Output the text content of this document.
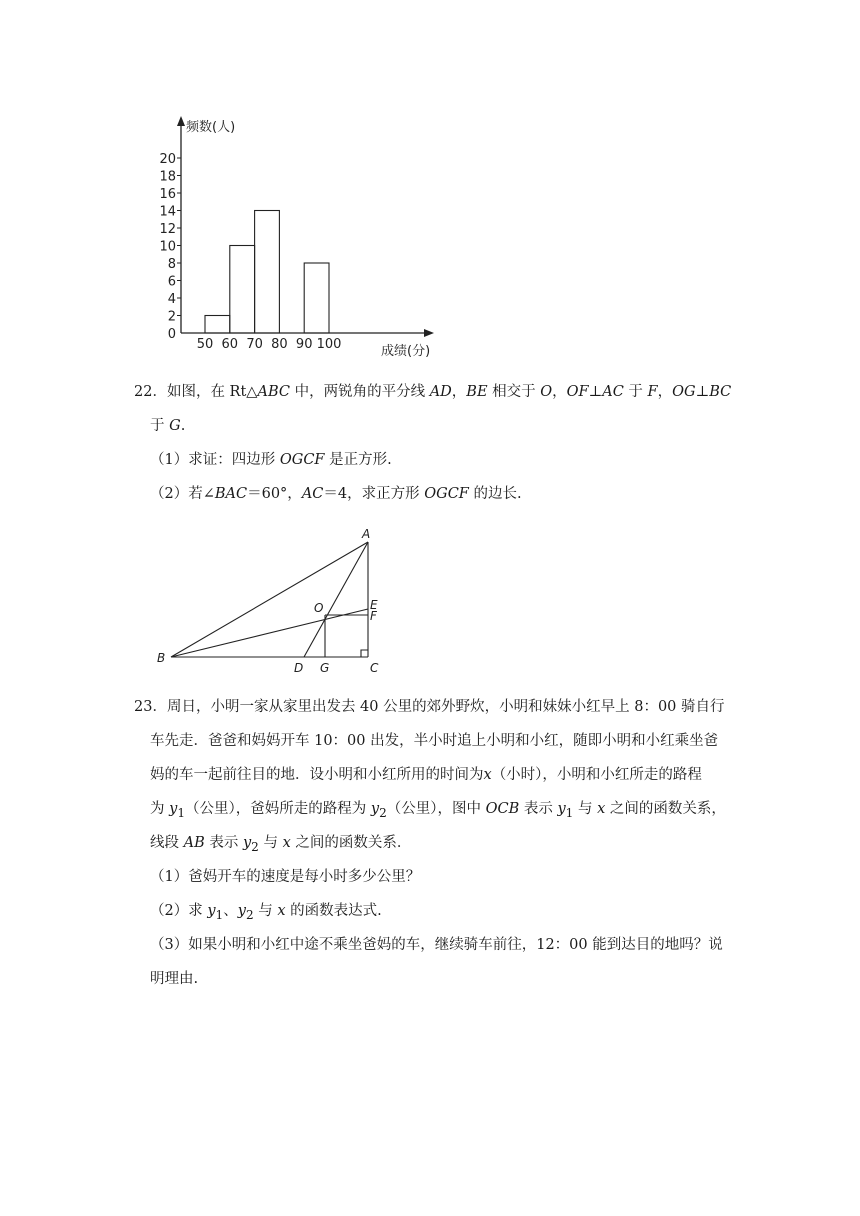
频数(人)
成绩(分)
0
2
4
6
8
10
12
14
16
18
20
50 60 70 80 90 100
22．如图，在 Rt△ABC 中，两锐角的平分线 AD，BE 相交于 O，OF⊥AC 于 F，OG⊥BC
于 G.
（1）求证：四边形 OGCF 是正方形.
（2）若∠BAC＝60°，AC＝4，求正方形 OGCF 的边长.
A
B
C
D
E
F
G
O
23．周日，小明一家从家里出发去 40 公里的郊外野炊，小明和妹妹小红早上 8：00 骑自行
车先走．爸爸和妈妈开车 10：00 出发，半小时追上小明和小红，随即小明和小红乘坐爸
妈的车一起前往目的地．设小明和小红所用的时间为x（小时），小明和小红所走的路程
为 $y_1$（公里），爸妈所走的路程为 $y_2$（公里），图中 OCB 表示 $y_1$ 与 x 之间的函数关系，
线段 AB 表示 $y_2$ 与 x 之间的函数关系．
（1）爸妈开车的速度是每小时多少公里？
（2）求 $y_1$、$y_2$ 与 x 的函数表达式.
（3）如果小明和小红中途不乘坐爸妈的车，继续骑车前往，12：00 能到达目的地吗？说
明理由.
